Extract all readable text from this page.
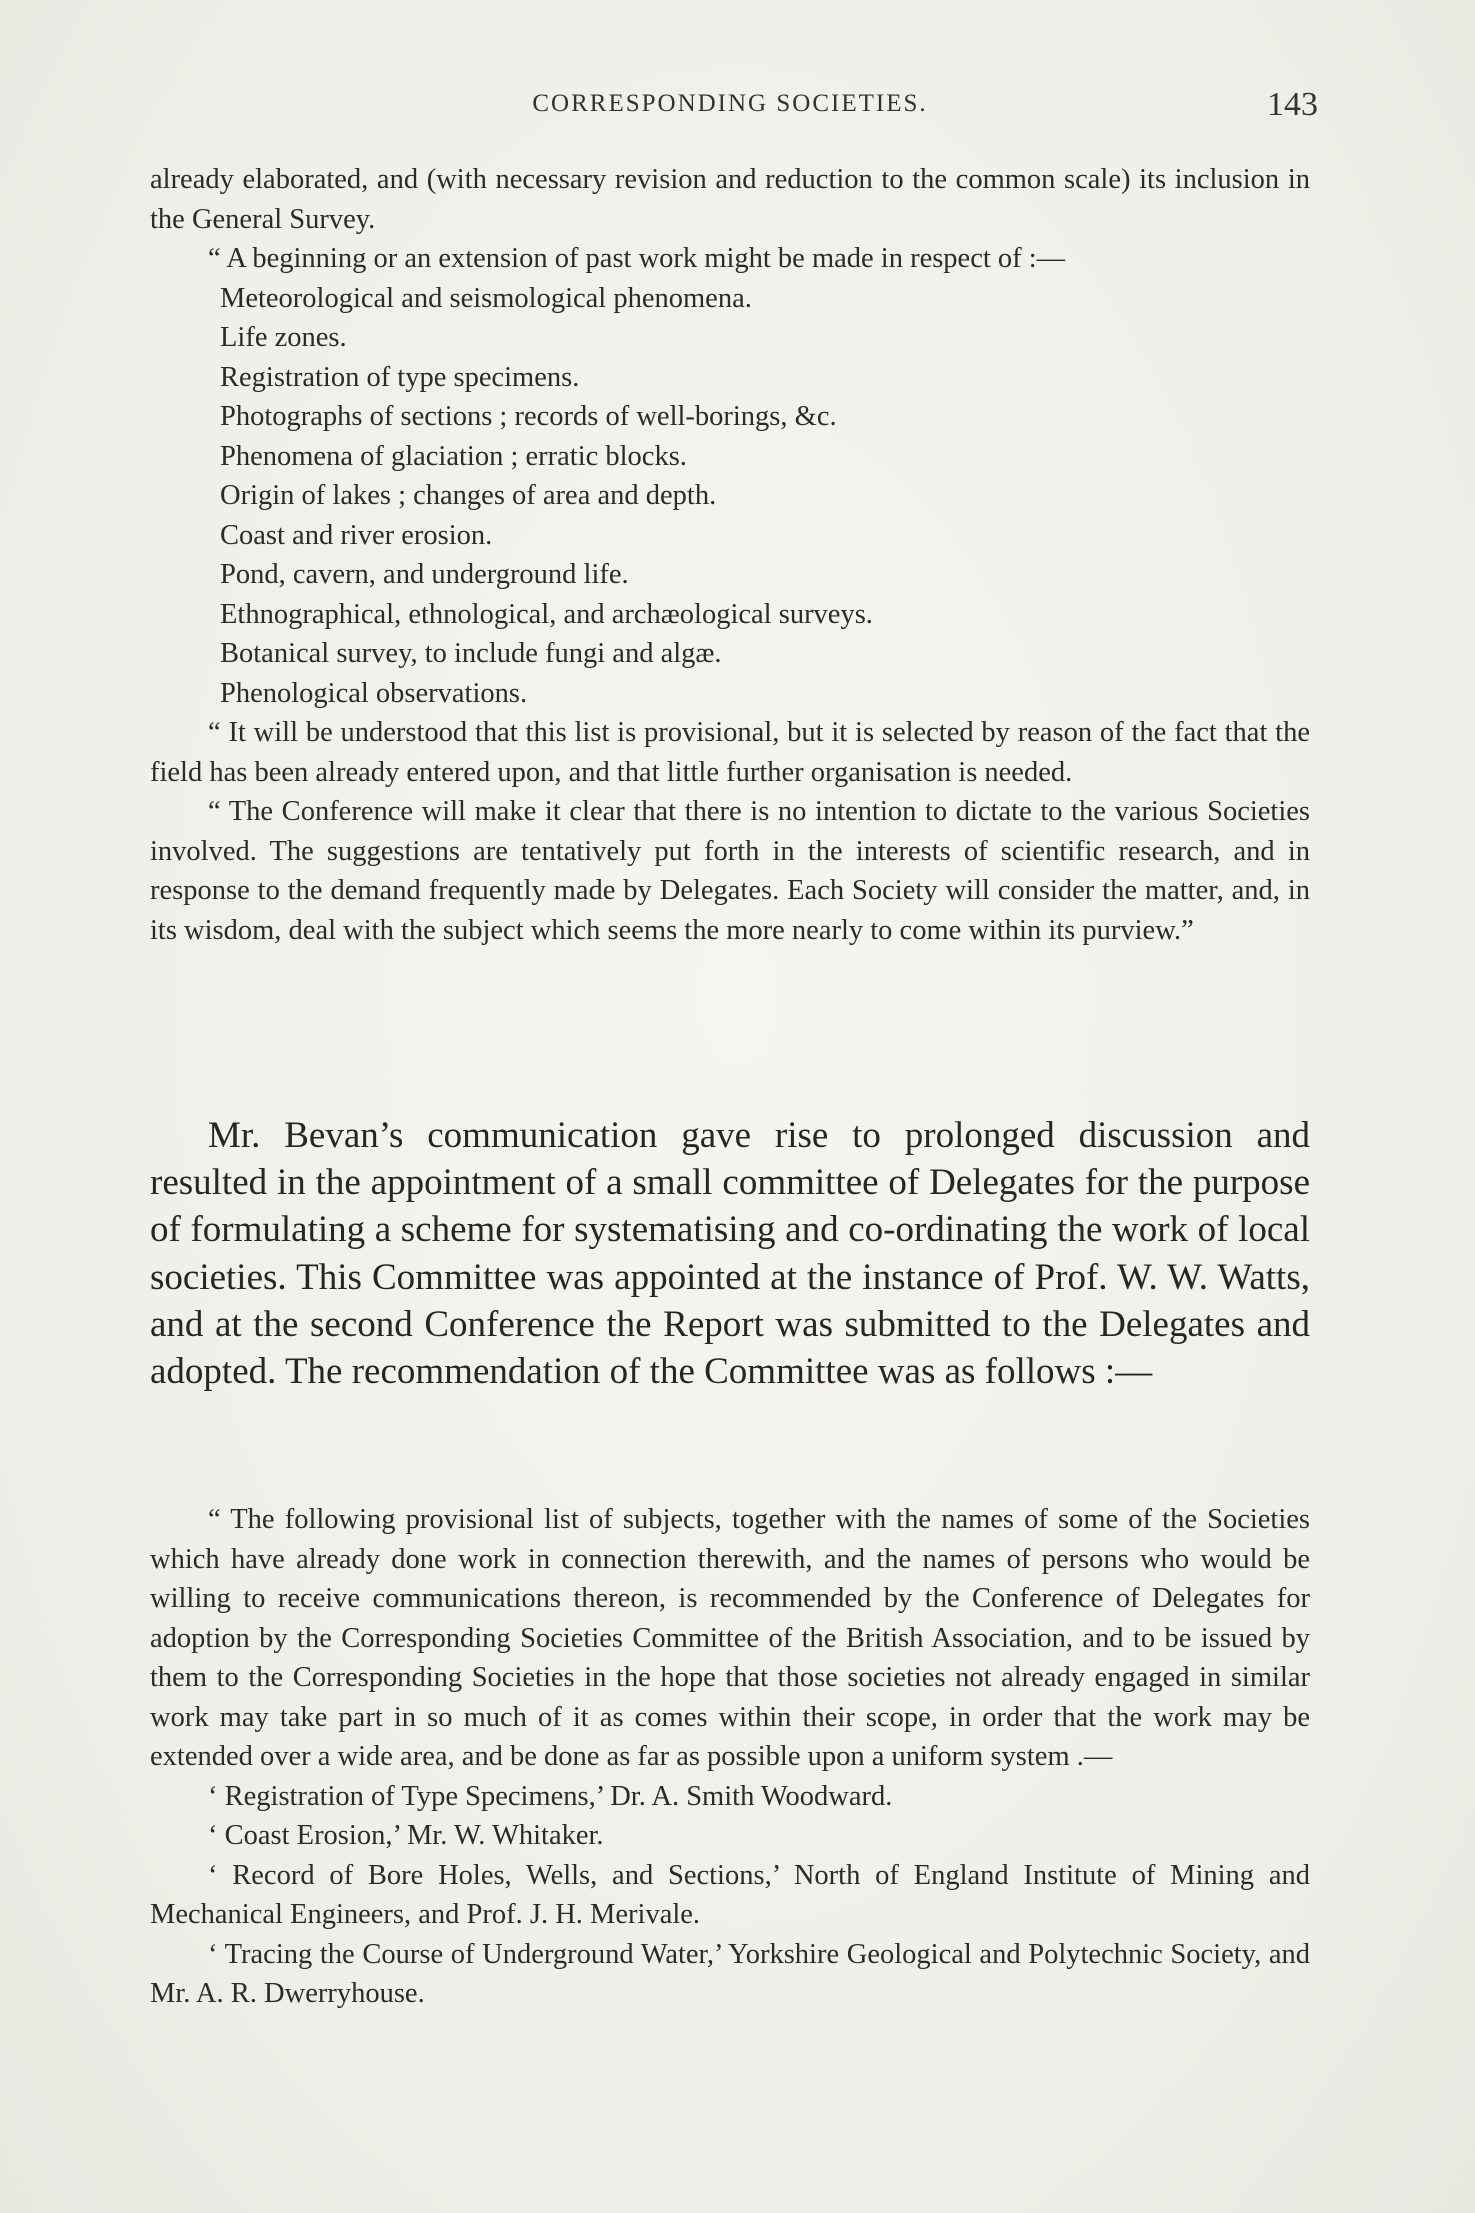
CORRESPONDING SOCIETIES.	143

already elaborated, and (with necessary revision and reduction to the common scale) its inclusion in the General Survey.

“ A beginning or an extension of past work might be made in respect of :—

Meteorological and seismological phenomena.
Life zones.
Registration of type specimens.
Photographs of sections ; records of well-borings, &c.
Phenomena of glaciation ; erratic blocks.
Origin of lakes ; changes of area and depth.
Coast and river erosion.
Pond, cavern, and underground life.
Ethnographical, ethnological, and archæological surveys.
Botanical survey, to include fungi and algæ.
Phenological observations.

“ It will be understood that this list is provisional, but it is selected by reason of the fact that the field has been already entered upon, and that little further organisation is needed.

“ The Conference will make it clear that there is no intention to dictate to the various Societies involved. The suggestions are tentatively put forth in the interests of scientific research, and in response to the demand frequently made by Delegates. Each Society will consider the matter, and, in its wisdom, deal with the subject which seems the more nearly to come within its purview.”

Mr. Bevan’s communication gave rise to prolonged discussion and resulted in the appointment of a small committee of Delegates for the purpose of formulating a scheme for systematising and co-ordinating the work of local societies. This Committee was appointed at the instance of Prof. W. W. Watts, and at the second Conference the Report was submitted to the Delegates and adopted. The recommendation of the Committee was as follows :—

“ The following provisional list of subjects, together with the names of some of the Societies which have already done work in connection therewith, and the names of persons who would be willing to receive communications thereon, is recommended by the Conference of Delegates for adoption by the Corresponding Societies Committee of the British Association, and to be issued by them to the Corresponding Societies in the hope that those societies not already engaged in similar work may take part in so much of it as comes within their scope, in order that the work may be extended over a wide area, and be done as far as possible upon a uniform system .—

‘ Registration of Type Specimens,’ Dr. A. Smith Woodward.

‘ Coast Erosion,’ Mr. W. Whitaker.

‘ Record of Bore Holes, Wells, and Sections,’ North of England Institute of Mining and Mechanical Engineers, and Prof. J. H. Merivale.

‘ Tracing the Course of Underground Water,’ Yorkshire Geological and Polytechnic Society, and Mr. A. R. Dwerryhouse.
